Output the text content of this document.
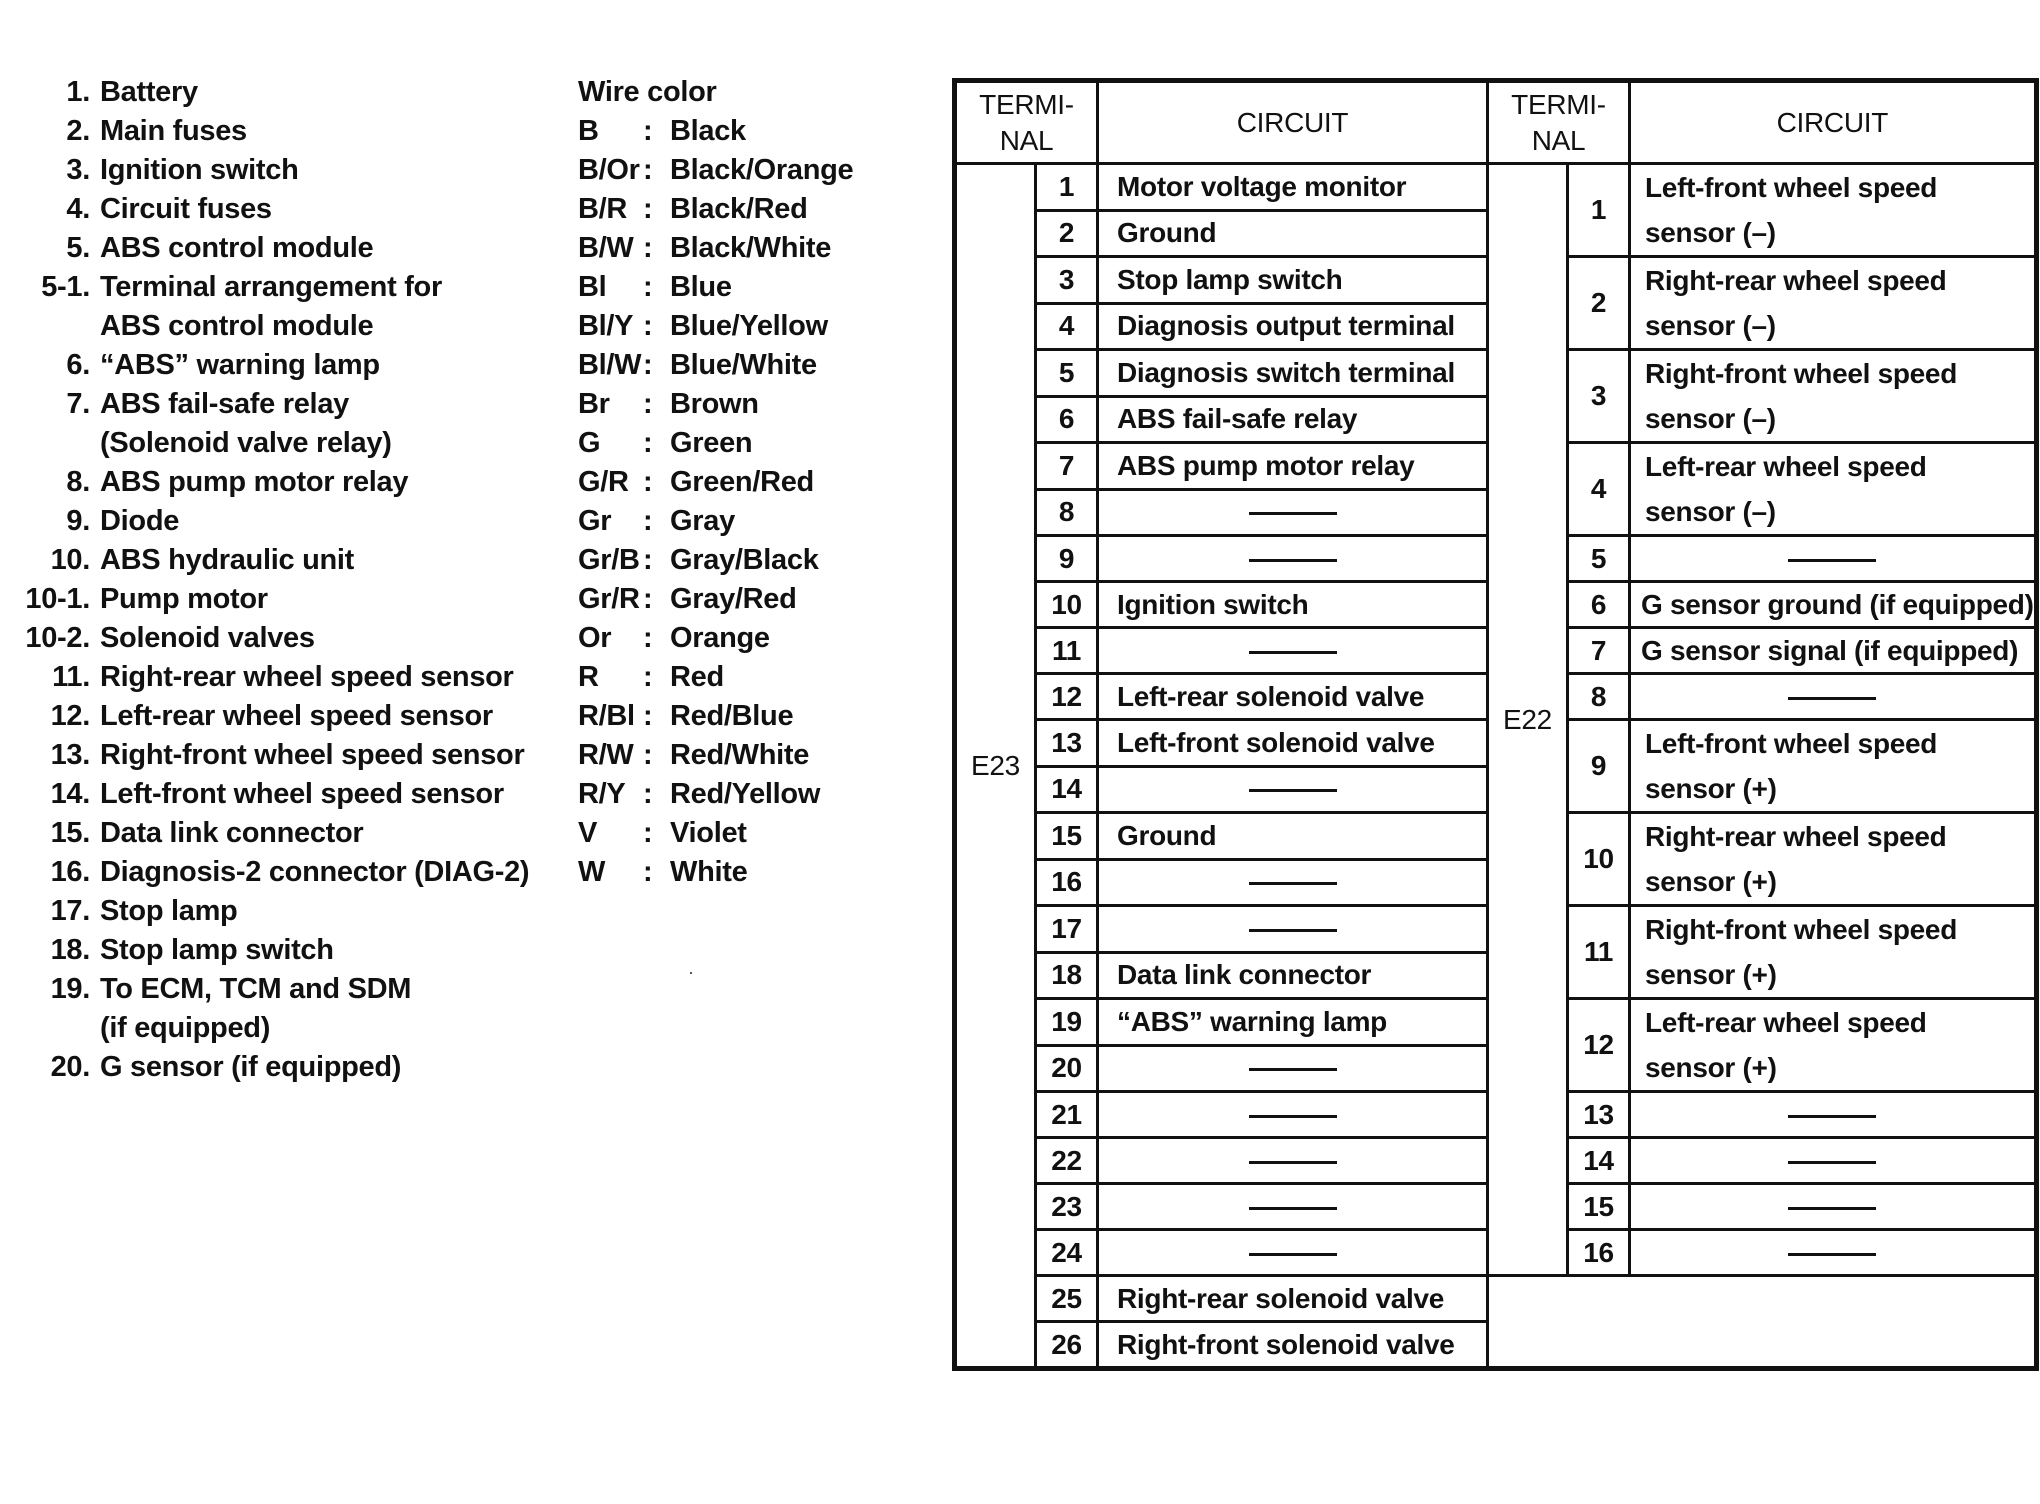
1. Battery
2. Main fuses
3. Ignition switch
4. Circuit fuses
5. ABS control module
5-1. Terminal arrangement for
ABS control module
6. “ABS” warning lamp
7. ABS fail-safe relay
(Solenoid valve relay)
8. ABS pump motor relay
9. Diode
10. ABS hydraulic unit
10-1. Pump motor
10-2. Solenoid valves
11. Right-rear wheel speed sensor
12. Left-rear wheel speed sensor
13. Right-front wheel speed sensor
14. Left-front wheel speed sensor
15. Data link connector
16. Diagnosis-2 connector (DIAG-2)
17. Stop lamp
18. Stop lamp switch
19. To ECM, TCM and SDM
(if equipped)
20. G sensor (if equipped)
Wire color
B	: Black
B/Or : Black/Orange
B/R : Black/Red
B/W : Black/White
Bl	: Blue
Bl/Y : Blue/Yellow
Bl/W : Blue/White
Br	: Brown
G	: Green
G/R : Green/Red
Gr	: Gray
Gr/B : Gray/Black
Gr/R : Gray/Red
Or	: Orange
R	: Red
R/Bl : Red/Blue
R/W : Red/White
R/Y : Red/Yellow
V	: Violet
W	: White
TERMI-
NAL		CIRCUIT	TERMI-
NAL		CIRCUIT
E23	1	Motor voltage monitor	E22	1	Left-front wheel speed
sensor (–)

	2	Ground			
	3	Stop lamp switch		2	Right-rear wheel speed
sensor (–)

	4	Diagnosis output terminal			
	5	Diagnosis switch terminal		3	Right-front wheel speed
sensor (–)

	6	ABS fail-safe relay			
	7	ABS pump motor relay		4	Left-rear wheel speed
sensor (–)

	8				
	9			5	
	10	Ignition switch		6	G sensor ground (if equipped)
	11			7	G sensor signal (if equipped)
	12	Left-rear solenoid valve		8	
	13	Left-front solenoid valve		9	Left-front wheel speed
sensor (+)

	14				
	15	Ground		10	Right-rear wheel speed
sensor (+)

	16				
	17			11	Right-front wheel speed
sensor (+)

	18	Data link connector			
	19	“ABS” warning lamp		12	Left-rear wheel speed
sensor (+)

	20				
	21			13	
	22			14	
	23			15	
	24			16	
	25	Right-rear solenoid valve			
	26	Right-front solenoid valve			
